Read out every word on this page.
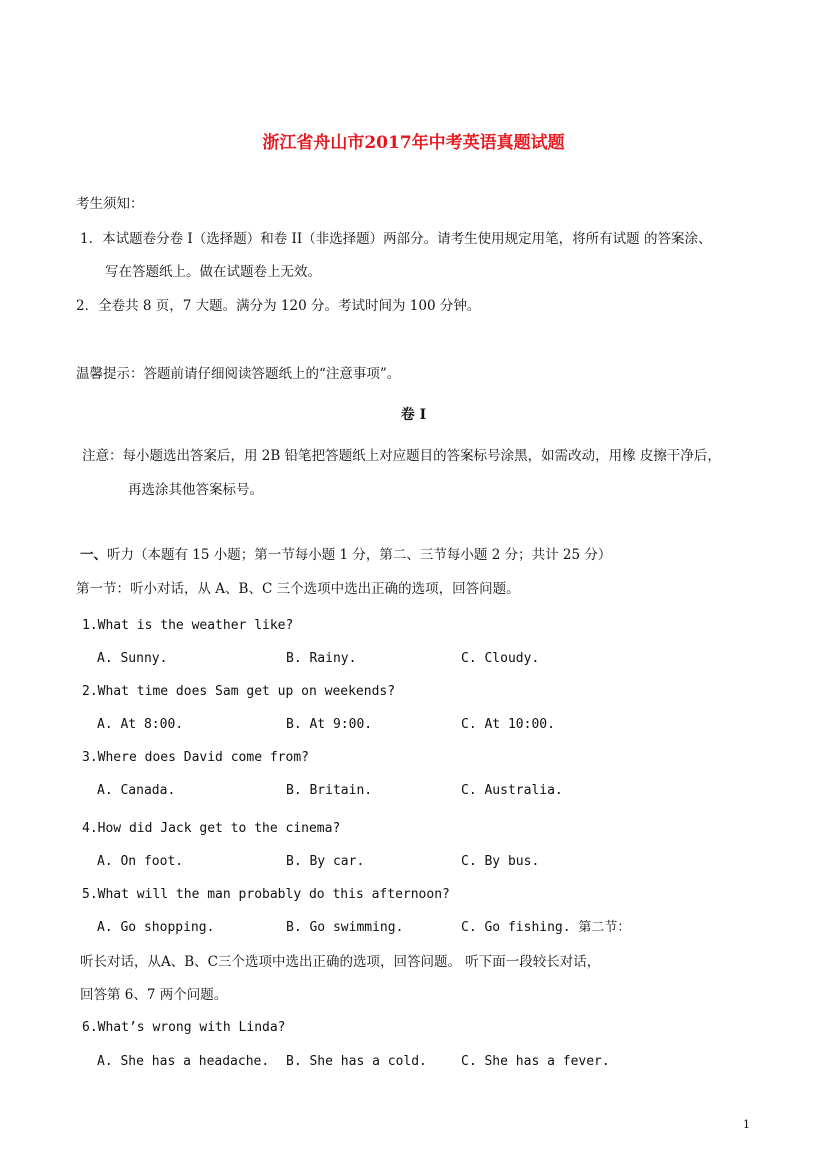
浙江省舟山市2017年中考英语真题试题
考生须知：
1．本试题卷分卷 I（选择题）和卷 II（非选择题）两部分。请考生使用规定用笔，将所有试题 的答案涂、
写在答题纸上。做在试题卷上无效。
2．全卷共 8 页，7 大题。满分为 120 分。考试时间为 100 分钟。
温馨提示：答题前请仔细阅读答题纸上的“注意事项”。
卷 I
注意：每小题选出答案后，用 2B 铅笔把答题纸上对应题目的答案标号涂黑，如需改动，用橡 皮擦干净后，
再选涂其他答案标号。
一、听力（本题有 15 小题；第一节每小题 1 分，第二、三节每小题 2 分；共计 25 分）
第一节：听小对话，从 A、B、C 三个选项中选出正确的选项，回答问题。
1.What is the weather like?
A. Sunny.	B. Rainy.	C. Cloudy.
2.What time does Sam get up on weekends?
A. At 8:00.	B. At 9:00.	C. At 10:00.
3.Where does David come from?
A. Canada.	B. Britain.	C. Australia.
4.How did Jack get to the cinema?
A. On foot.	B. By car.	C. By bus.
5.What will the man probably do this afternoon?
A. Go shopping.	B. Go swimming.	C. Go fishing. 第二节：
听长对话，从A、B、C三个选项中选出正确的选项，回答问题。 听下面一段较长对话，
回答第 6、7 两个问题。
6.What’s wrong with Linda?
A. She has a headache. B. She has a cold.	C. She has a fever.
1
